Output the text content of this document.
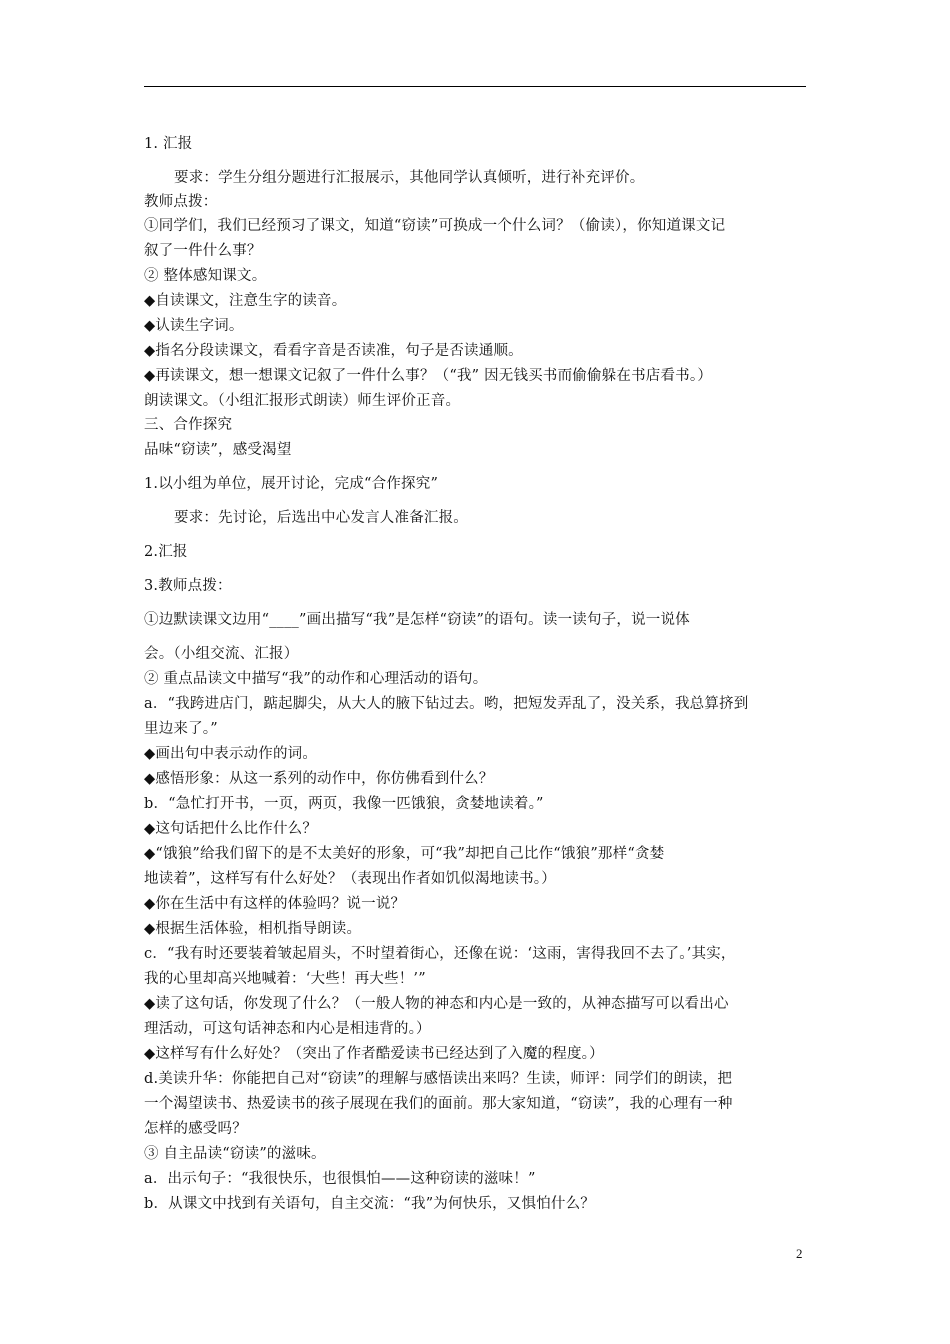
1. 汇报
要求：学生分组分题进行汇报展示，其他同学认真倾听，进行补充评价。
教师点拨：
①同学们，我们已经预习了课文，知道“窃读”可换成一个什么词？（偷读），你知道课文记
叙了一件什么事？
② 整体感知课文。
◆自读课文，注意生字的读音。
◆认读生字词。
◆指名分段读课文，看看字音是否读准，句子是否读通顺。
◆再读课文，想一想课文记叙了一件什么事？（“我” 因无钱买书而偷偷躲在书店看书。）
朗读课文。（小组汇报形式朗读）师生评价正音。
三、合作探究
品味“窃读”，感受渴望
1.以小组为单位，展开讨论，完成“合作探究”
要求：先讨论，后选出中心发言人准备汇报。
2.汇报
3.教师点拨：
①边默读课文边用“____”画出描写“我”是怎样“窃读”的语句。读一读句子，说一说体
会。（小组交流、汇报）
② 重点品读文中描写“我”的动作和心理活动的语句。
a．“我跨进店门，踮起脚尖，从大人的腋下钻过去。哟，把短发弄乱了，没关系，我总算挤到
里边来了。”
◆画出句中表示动作的词。
◆感悟形象：从这一系列的动作中，你仿佛看到什么？
b．“急忙打开书，一页，两页，我像一匹饿狼，贪婪地读着。”
◆这句话把什么比作什么？
◆“饿狼”给我们留下的是不太美好的形象，可“我”却把自己比作“饿狼”那样“贪婪
地读着”，这样写有什么好处？（表现出作者如饥似渴地读书。）
◆你在生活中有这样的体验吗？说一说？
◆根据生活体验，相机指导朗读。
c．“我有时还要装着皱起眉头，不时望着街心，还像在说：‘这雨，害得我回不去了。’其实，
我的心里却高兴地喊着：‘大些！再大些！’”
◆读了这句话，你发现了什么？（一般人物的神态和内心是一致的，从神态描写可以看出心
理活动，可这句话神态和内心是相违背的。）
◆这样写有什么好处？（突出了作者酷爱读书已经达到了入魔的程度。）
d.美读升华：你能把自己对“窃读”的理解与感悟读出来吗？生读，师评：同学们的朗读，把
一个渴望读书、热爱读书的孩子展现在我们的面前。那大家知道，“窃读”，我的心理有一种
怎样的感受吗？
③ 自主品读“窃读”的滋味。
a．出示句子：“我很快乐，也很惧怕——这种窃读的滋味！”
b．从课文中找到有关语句，自主交流：“我”为何快乐，又惧怕什么？
2
